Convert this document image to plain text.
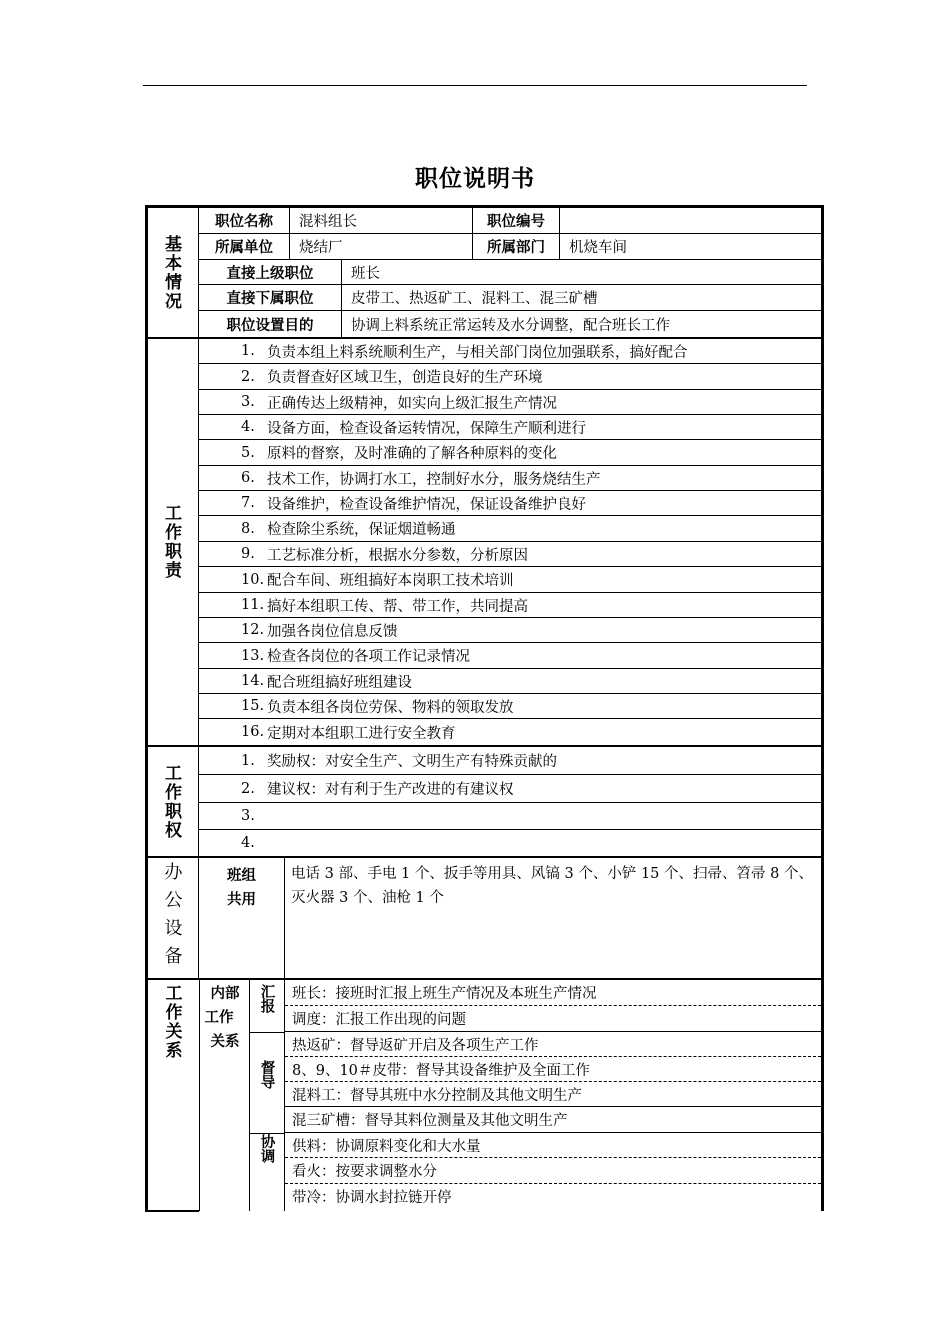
职位说明书
基本情况
职位名称	混料组长	职位编号
所属单位	烧结厂	所属部门	机烧车间
直接上级职位	班长
直接下属职位	皮带工、热返矿工、混料工、混三矿槽
职位设置目的	协调上料系统正常运转及水分调整，配合班长工作
工作职责
1. 负责本组上料系统顺利生产，与相关部门岗位加强联系，搞好配合
2. 负责督查好区域卫生，创造良好的生产环境
3. 正确传达上级精神，如实向上级汇报生产情况
4. 设备方面，检查设备运转情况，保障生产顺利进行
5. 原料的督察，及时准确的了解各种原料的变化
6. 技术工作，协调打水工，控制好水分，服务烧结生产
7. 设备维护，检查设备维护情况，保证设备维护良好
8. 检查除尘系统，保证烟道畅通
9. 工艺标准分析，根据水分参数，分析原因
10. 配合车间、班组搞好本岗职工技术培训
11. 搞好本组职工传、帮、带工作，共同提高
12. 加强各岗位信息反馈
13. 检查各岗位的各项工作记录情况
14. 配合班组搞好班组建设
15. 负责本组各岗位劳保、物料的领取发放
16. 定期对本组职工进行安全教育
工作职权
1. 奖励权：对安全生产、文明生产有特殊贡献的
2. 建议权：对有利于生产改进的有建议权
3.
4.
办公设备	班组
共用
电话 3 部、手电 1 个、扳手等用具、风镐 3 个、小铲 15 个、扫帚、笤帚 8 个、灭火器 3 个、油枪 1 个
工作关系	内部
工作
关系
汇报	班长：接班时汇报上班生产情况及本班生产情况
调度：汇报工作出现的问题
督导
热返矿：督导返矿开启及各项生产工作
8、9、10＃皮带：督导其设备维护及全面工作
混料工：督导其班中水分控制及其他文明生产
混三矿槽：督导其料位测量及其他文明生产
协调	供料：协调原料变化和大水量
看火：按要求调整水分
带冷：协调水封拉链开停
